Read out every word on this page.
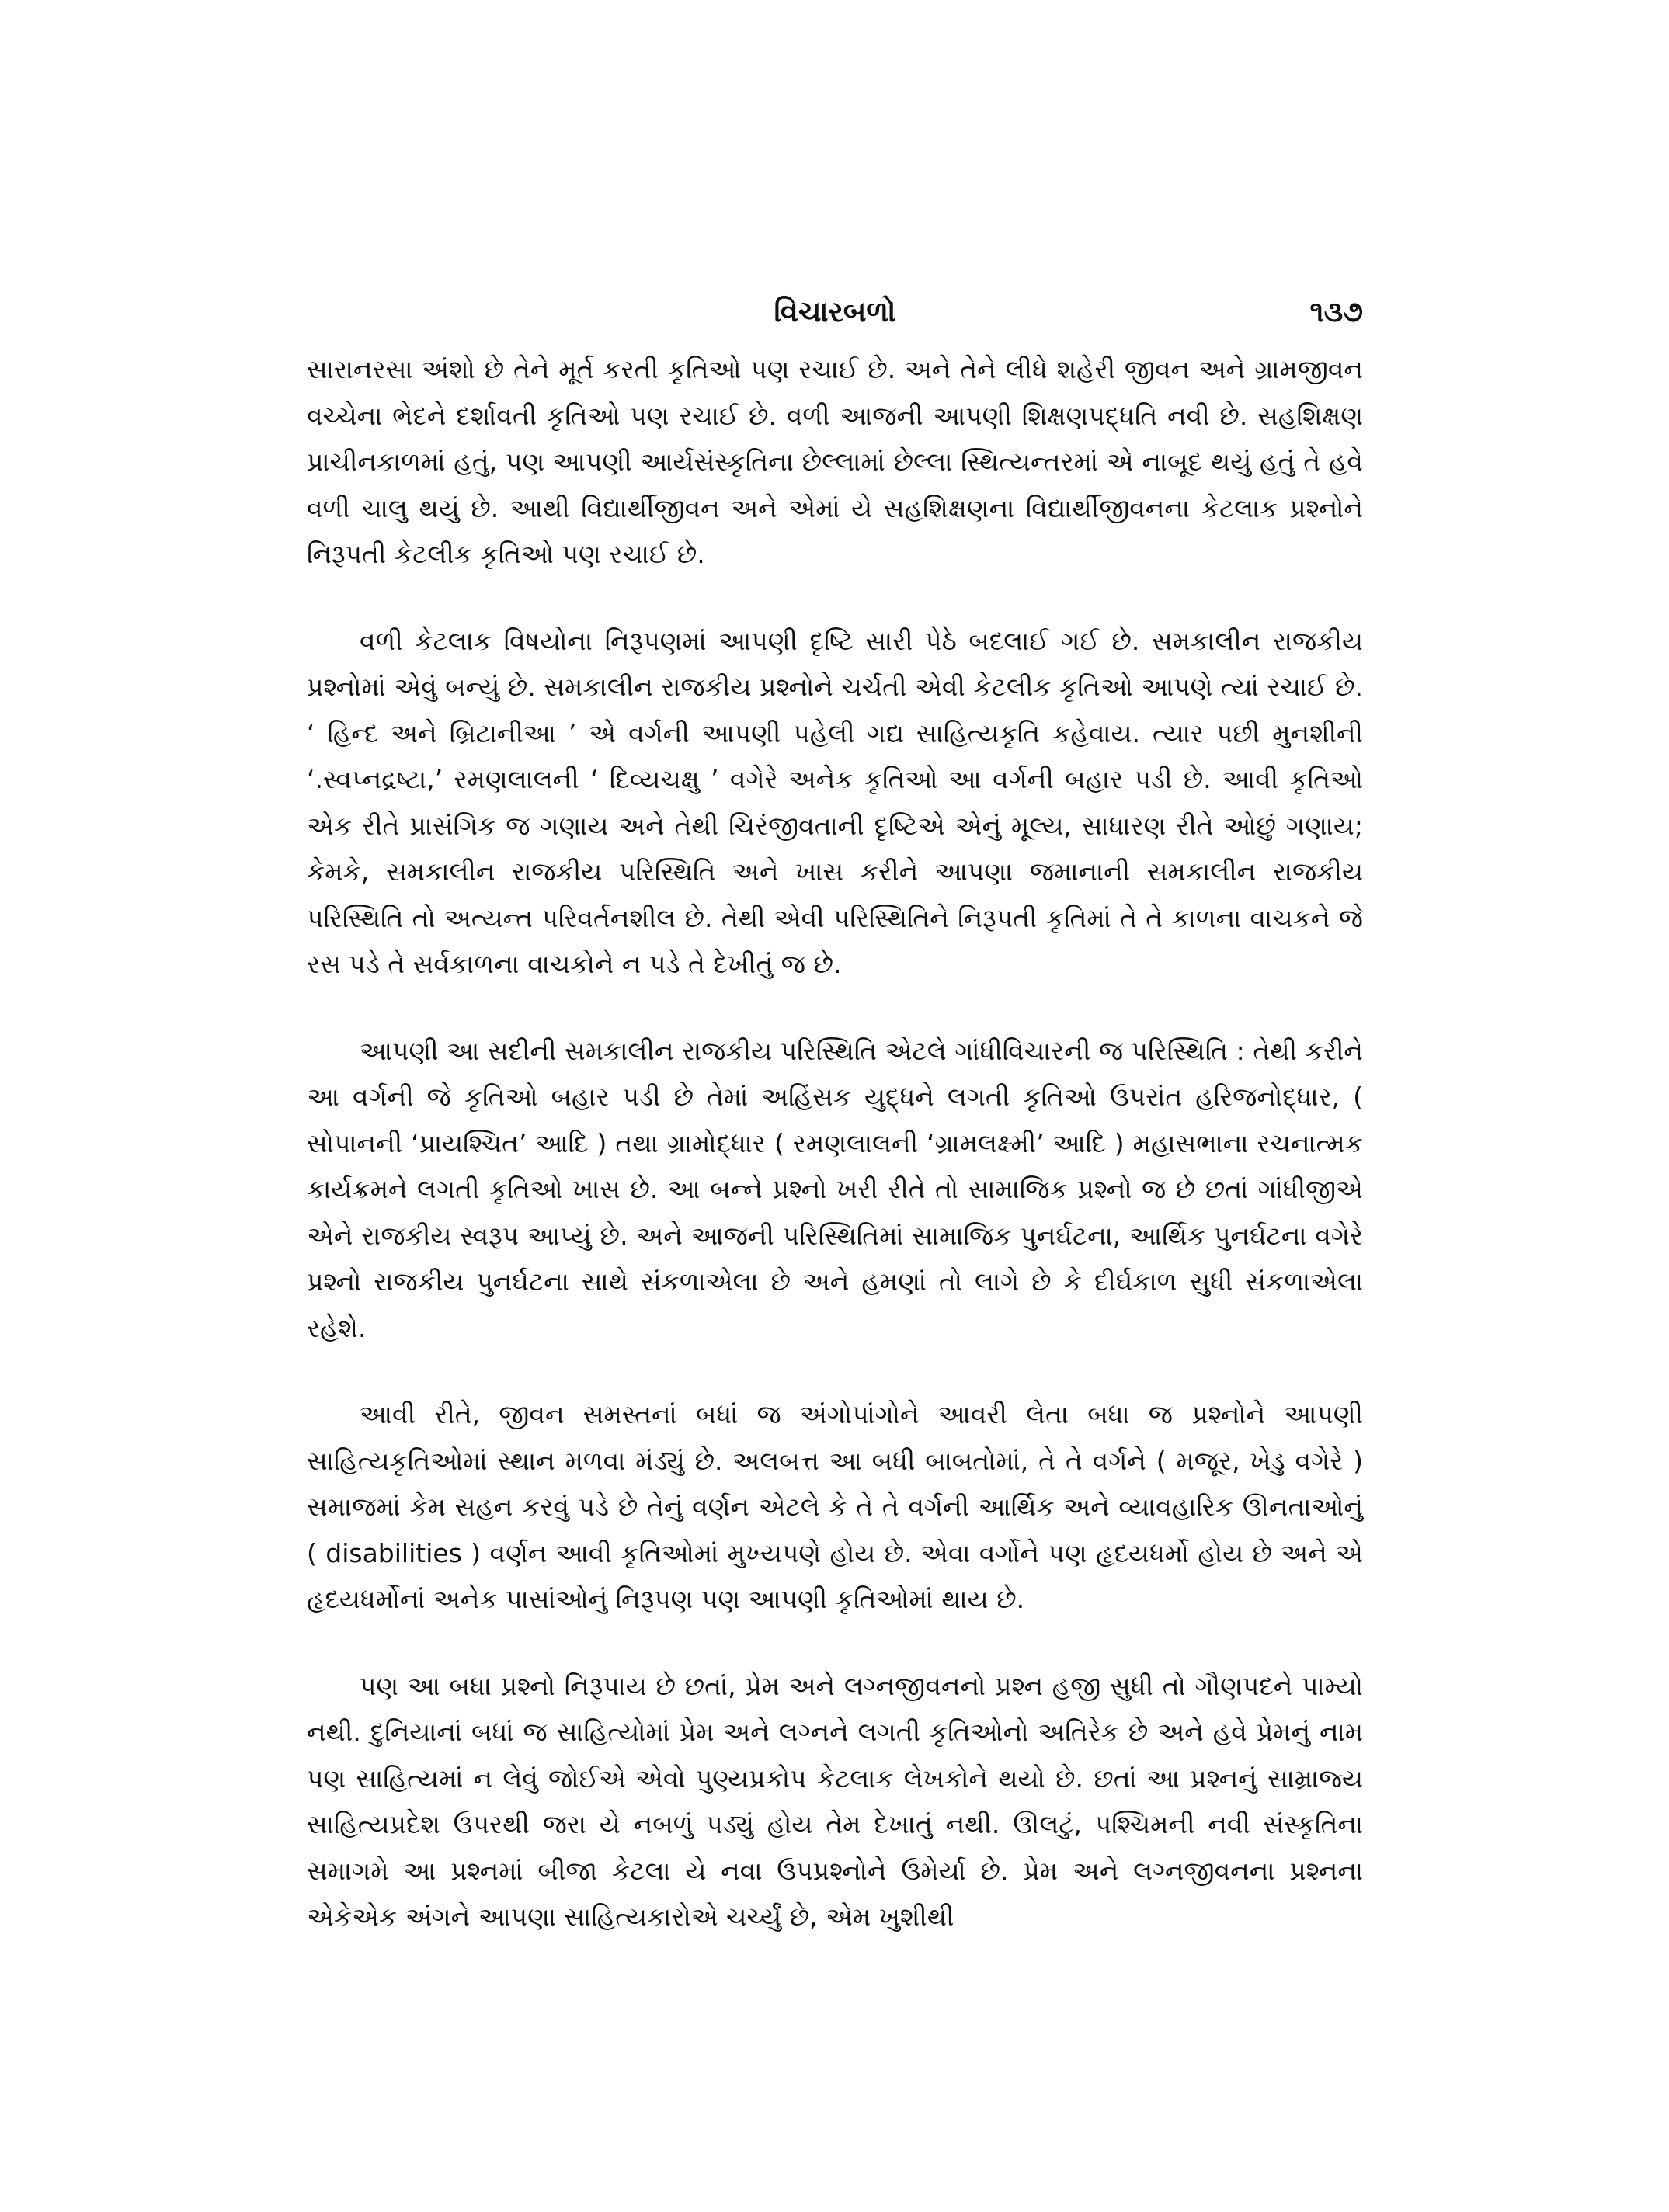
વિચારબળો	૧૩૭

સારાનરસા અંશો છે તેને મૂર્ત કરતી કૃતિઓ પણ રચાઈ છે. અને તેને લીધે શહેરી જીવન અને ગ્રામજીવન વચ્ચેના ભેદને દર્શાવતી કૃતિઓ પણ રચાઈ છે. વળી આજની આપણી શિક્ષણપદ્ધતિ નવી છે. સહશિક્ષણ પ્રાચીનકાળમાં હતું, પણ આપણી આર્યસંસ્કૃતિના છેલ્લામાં છેલ્લા સ્થિત્યન્તરમાં એ નાબૂદ થયું હતું તે હવે વળી ચાલુ થયું છે. આથી વિદ્યાર્થીજીવન અને એમાં યે સહશિક્ષણના વિદ્યાર્થીજીવનના કેટલાક પ્રશ્નોને નિરૂપતી કેટલીક કૃતિઓ પણ રચાઈ છે.

વળી કેટલાક વિષયોના નિરૂપણમાં આપણી દૃષ્ટિ સારી પેઠે બદલાઈ ગઈ છે. સમકાલીન રાજકીય પ્રશ્નોમાં એવું બન્યું છે. સમકાલીન રાજકીય પ્રશ્નોને ચર્ચતી એવી કેટલીક કૃતિઓ આપણે ત્યાં રચાઈ છે. ‘ હિન્દ અને બ્રિટાનીઆ ’ એ વર્ગની આપણી પહેલી ગદ્ય સાહિત્યકૃતિ કહેવાય. ત્યાર પછી મુનશીની ‘.સ્વપ્નદ્રષ્ટા,’ રમણલાલની ‘ દિવ્યચક્ષુ ’ વગેરે અનેક કૃતિઓ આ વર્ગની બહાર પડી છે. આવી કૃતિઓ એક રીતે પ્રાસંગિક જ ગણાય અને તેથી ચિરંજીવતાની દૃષ્ટિએ એનું મૂલ્ય, સાધારણ રીતે ઓછું ગણાય; કેમકે, સમકાલીન રાજકીય પરિસ્થિતિ અને ખાસ કરીને આપણા જમાનાની સમકાલીન રાજકીય પરિસ્થિતિ તો અત્યન્ત પરિવર્તનશીલ છે. તેથી એવી પરિસ્થિતિને નિરૂપતી કૃતિમાં તે તે કાળના વાચકને જે રસ પડે તે સર્વકાળના વાચકોને ન પડે તે દેખીતું જ છે.

આપણી આ સદીની સમકાલીન રાજકીય પરિસ્થિતિ એટલે ગાંધીવિચારની જ પરિસ્થિતિ : તેથી કરીને આ વર્ગની જે કૃતિઓ બહાર પડી છે તેમાં અહિંસક યુદ્ધને લગતી કૃતિઓ ઉપરાંત હરિજનોદ્ધાર, ( સોપાનની ‘પ્રાયશ્ચિત’ આદિ ) તથા ગ્રામોદ્ધાર ( રમણલાલની ‘ગ્રામલક્ષ્મી’ આદિ ) મહાસભાના રચનાત્મક કાર્યક્રમને લગતી કૃતિઓ ખાસ છે. આ બન્ને પ્રશ્નો ખરી રીતે તો સામાજિક પ્રશ્નો જ છે છતાં ગાંધીજીએ એને રાજકીય સ્વરૂપ આપ્યું છે. અને આજની પરિસ્થિતિમાં સામાજિક પુનર્ઘટના, આર્થિક પુનર્ઘટના વગેરે પ્રશ્નો રાજકીય પુનર્ઘટના સાથે સંકળાએલા છે અને હમણાં તો લાગે છે કે દીર્ઘકાળ સુધી સંકળાએલા રહેશે.

આવી રીતે, જીવન સમસ્તનાં બધાં જ અંગોપાંગોને આવરી લેતા બધા જ પ્રશ્નોને આપણી સાહિત્યકૃતિઓમાં સ્થાન મળવા મંડ્યું છે. અલબત્ત આ બધી બાબતોમાં, તે તે વર્ગને ( મજૂર, ખેડુ વગેરે ) સમાજમાં કેમ સહન કરવું પડે છે તેનું વર્ણન એટલે કે તે તે વર્ગની આર્થિક અને વ્યાવહારિક ઊનતાઓનું ( disabilities ) વર્ણન આવી કૃતિઓમાં મુખ્યપણે હોય છે. એવા વર્ગોને પણ હૃદયધર્મો હોય છે અને એ હૃદયધર્મોનાં અનેક પાસાંઓનું નિરૂપણ પણ આપણી કૃતિઓમાં થાય છે.

પણ આ બધા પ્રશ્નો નિરૂપાય છે છતાં, પ્રેમ અને લગ્નજીવનનો પ્રશ્ન હજી સુધી તો ગૌણપદને પામ્યો નથી. દુનિયાનાં બધાં જ સાહિત્યોમાં પ્રેમ અને લગ્નને લગતી કૃતિઓનો અતિરેક છે અને હવે પ્રેમનું નામ પણ સાહિત્યમાં ન લેવું જોઈએ એવો પુણ્યપ્રકોપ કેટલાક લેખકોને થયો છે. છતાં આ પ્રશ્નનું સામ્રાજ્ય સાહિત્યપ્રદેશ ઉપરથી જરા યે નબળું પડ્યું હોય તેમ દેખાતું નથી. ઊલટું, પશ્ચિમની નવી સંસ્કૃતિના સમાગમે આ પ્રશ્નમાં બીજા કેટલા યે નવા ઉપપ્રશ્નોને ઉમેર્યા છે. પ્રેમ અને લગ્નજીવનના પ્રશ્નના એકેએક અંગને આપણા સાહિત્યકારોએ ચર્ચ્યું છે, એમ ખુશીથી
